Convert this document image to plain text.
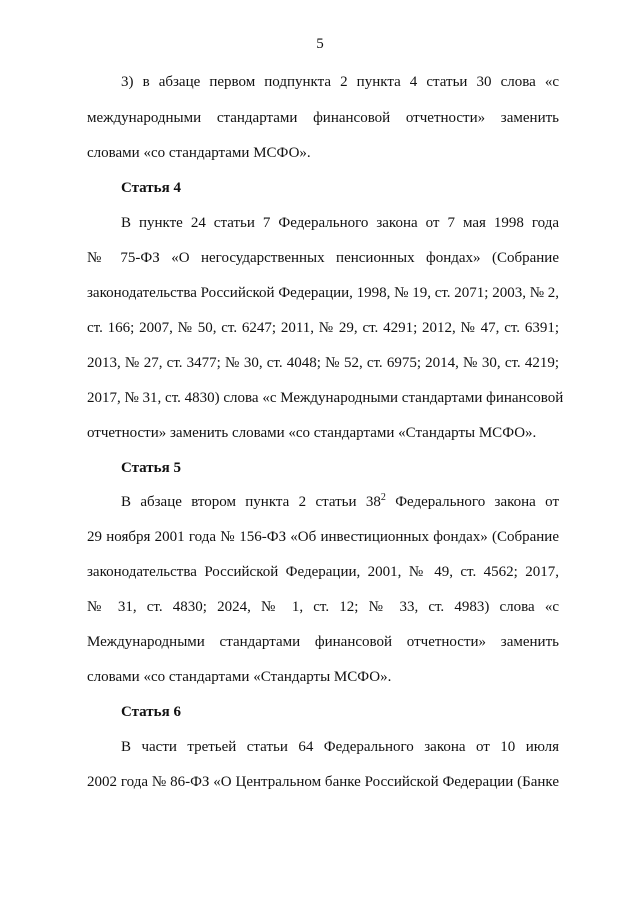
5
3) в абзаце первом подпункта 2 пункта 4 статьи 30 слова «с
международными стандартами финансовой отчетности» заменить
словами «со стандартами МСФО».
Статья 4
В пункте 24 статьи 7 Федерального закона от 7 мая 1998 года
№ 75-ФЗ «О негосударственных пенсионных фондах» (Собрание
законодательства Российской Федерации, 1998, № 19, ст. 2071; 2003, № 2,
ст. 166; 2007, № 50, ст. 6247; 2011, № 29, ст. 4291; 2012, № 47, ст. 6391;
2013, № 27, ст. 3477; № 30, ст. 4048; № 52, ст. 6975; 2014, № 30, ст. 4219;
2017, № 31, ст. 4830) слова «с Международными стандартами финансовой
отчетности» заменить словами «со стандартами «Стандарты МСФО».
Статья 5
В абзаце втором пункта 2 статьи $38^2$ Федерального закона от
29 ноября 2001 года № 156-ФЗ «Об инвестиционных фондах» (Собрание
законодательства Российской Федерации, 2001, № 49, ст. 4562; 2017,
№ 31, ст. 4830; 2024, № 1, ст. 12; № 33, ст. 4983) слова «с
Международными стандартами финансовой отчетности» заменить
словами «со стандартами «Стандарты МСФО».
Статья 6
В части третьей статьи 64 Федерального закона от 10 июля
2002 года № 86-ФЗ «О Центральном банке Российской Федерации (Банке
